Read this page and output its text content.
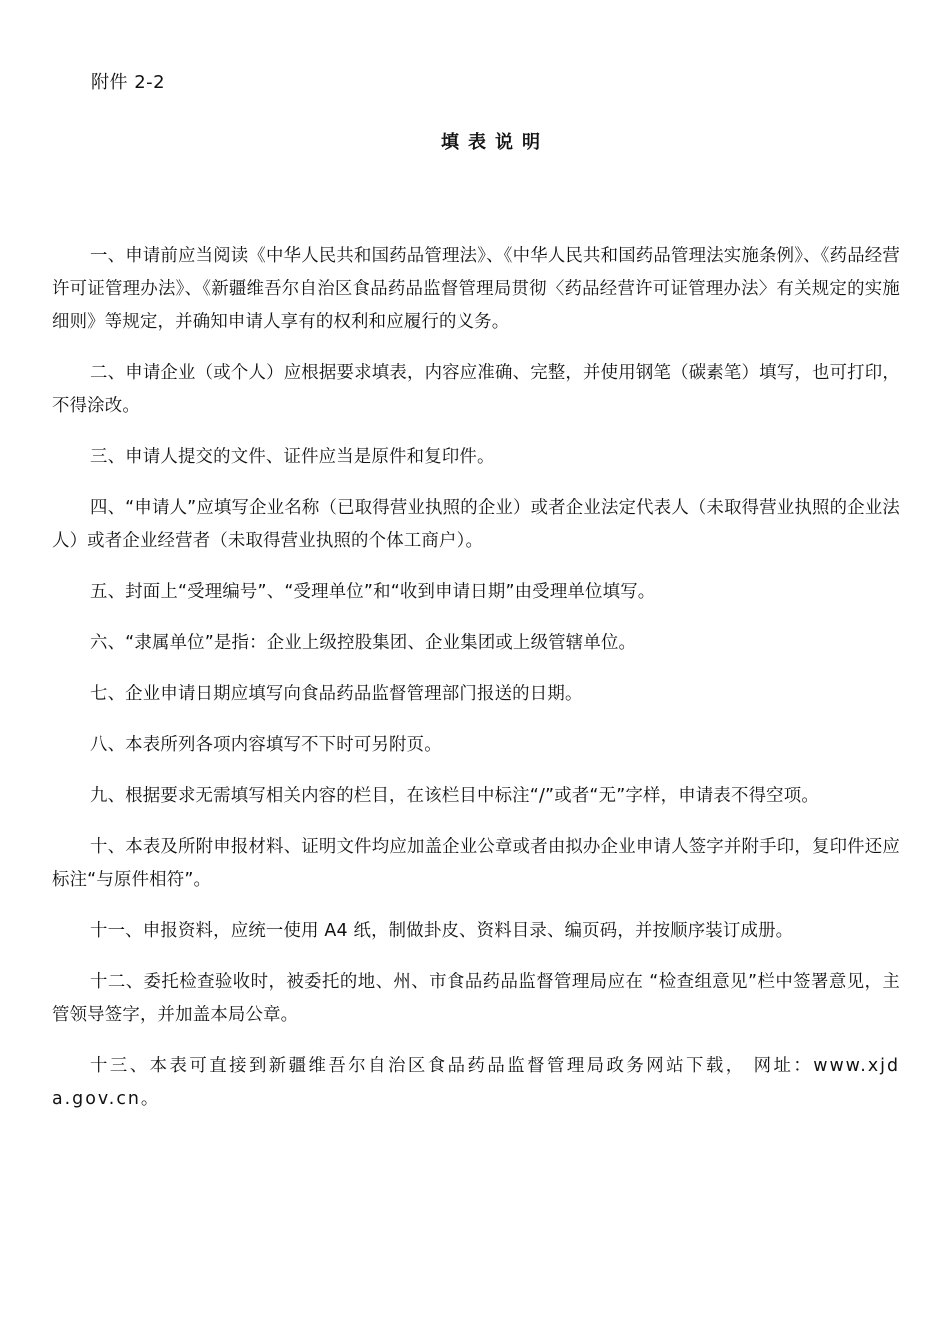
附件 2-2
填表说明

一、申请前应当阅读《中华人民共和国药品管理法》、《中华人民共和国药品管理法实施条例》、《药品经营许可证管理办法》、《新疆维吾尔自治区食品药品监督管理局贯彻〈药品经营许可证管理办法〉有关规定的实施细则》等规定，并确知申请人享有的权利和应履行的义务。

二、申请企业（或个人）应根据要求填表，内容应准确、完整，并使用钢笔（碳素笔）填写，也可打印，不得涂改。

三、申请人提交的文件、证件应当是原件和复印件。

四、“申请人”应填写企业名称（已取得营业执照的企业）或者企业法定代表人（未取得营业执照的企业法人）或者企业经营者（未取得营业执照的个体工商户）。

五、封面上“受理编号”、“受理单位”和“收到申请日期”由受理单位填写。

六、“隶属单位”是指：企业上级控股集团、企业集团或上级管辖单位。

七、企业申请日期应填写向食品药品监督管理部门报送的日期。

八、本表所列各项内容填写不下时可另附页。

九、根据要求无需填写相关内容的栏目，在该栏目中标注“/”或者“无”字样，申请表不得空项。

十、本表及所附申报材料、证明文件均应加盖企业公章或者由拟办企业申请人签字并附手印，复印件还应标注“与原件相符”。

十一、申报资料，应统一使用 A4 纸，制做卦皮、资料目录、编页码，并按顺序装订成册。

十二、委托检查验收时，被委托的地、州、市食品药品监督管理局应在 “检查组意见”栏中签署意见，主管领导签字，并加盖本局公章。

十三、本表可直接到新疆维吾尔自治区食品药品监督管理局政务网站下载， 网址：www.xjda.gov.cn。
